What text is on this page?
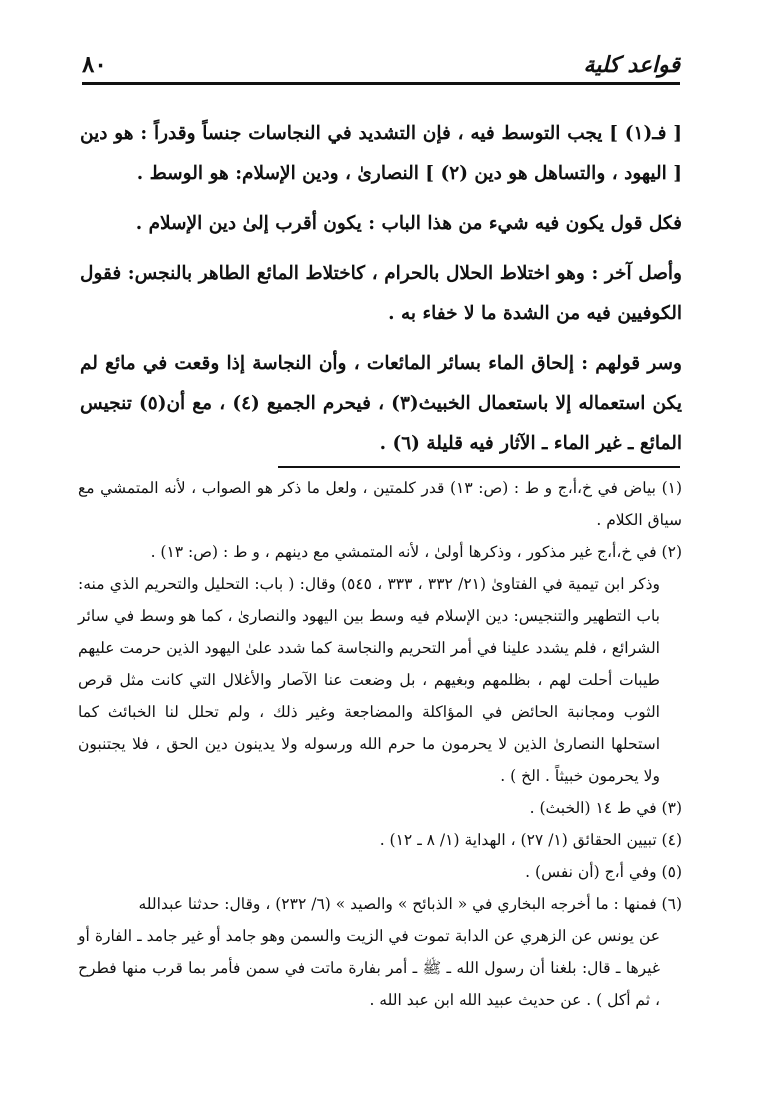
٨٠	قواعد كلية

[ فـ(١) ] يجب التوسط فيه ، فإن التشديد في النجاسات جنساً وقدراً : هو دين [ اليهود ، والتساهل هو دين (٢) ] النصارىٰ ، ودين الإسلام: هو الوسط .

فكل قول يكون فيه شيء من هذا الباب : يكون أقرب إلىٰ دين الإسلام .

وأصل آخر : وهو اختلاط الحلال بالحرام ، كاختلاط المائع الطاهر بالنجس: فقول الكوفيين فيه من الشدة ما لا خفاء به .

وسر قولهم : إلحاق الماء بسائر المائعات ، وأن النجاسة إذا وقعت في مائع لم يكن استعماله إلا باستعمال الخبيث(٣) ، فيحرم الجميع (٤) ، مع أن(٥) تنجيس المائع ـ غير الماء ـ الآثار فيه قليلة (٦) .

(١) بياض في خ،أ،ج و ط : (ص: ١٣) قدر كلمتين ، ولعل ما ذكر هو الصواب ، لأنه المتمشي مع سياق الكلام .

(٢) في خ،أ،ج غير مذكور ، وذكرها أولىٰ ، لأنه المتمشي مع دينهم ، و ط : (ص: ١٣) .

وذكر ابن تيمية في الفتاوىٰ (٢١/ ٣٣٢ ، ٣٣٣ ، ٥٤٥) وقال: ( باب: التحليل والتحريم الذي منه: باب التطهير والتنجيس: دين الإسلام فيه وسط بين اليهود والنصارىٰ ، كما هو وسط في سائر الشرائع ، فلم يشدد علينا في أمر التحريم والنجاسة كما شدد علىٰ اليهود الذين حرمت عليهم طيبات أحلت لهم ، بظلمهم وبغيهم ، بل وضعت عنا الآصار والأغلال التي كانت مثل قرص الثوب ومجانبة الحائض في المؤاكلة والمضاجعة وغير ذلك ، ولم تحلل لنا الخبائث كما استحلها النصارىٰ الذين لا يحرمون ما حرم الله ورسوله ولا يدينون دين الحق ، فلا يجتنبون ولا يحرمون خبيثاً . الخ ) .

(٣) في ط ١٤ (الخبث) .

(٤) تبيين الحقائق (١/ ٢٧) ، الهداية (١/ ٨ ـ ١٢) .

(٥) وفي أ،ج (أن نفس) .

(٦) فمنها : ما أخرجه البخاري في « الذبائح » والصيد » (٦/ ٢٣٢) ، وقال: حدثنا عبدالله

عن يونس عن الزهري عن الدابة تموت في الزيت والسمن وهو جامد أو غير جامد ـ الفارة أو غيرها ـ قال: بلغنا أن رسول الله ـ ﷺ ـ أمر بفارة ماتت في سمن فأمر بما قرب منها فطرح ، ثم أكل ) . عن حديث عبيد الله ابن عبد الله .
